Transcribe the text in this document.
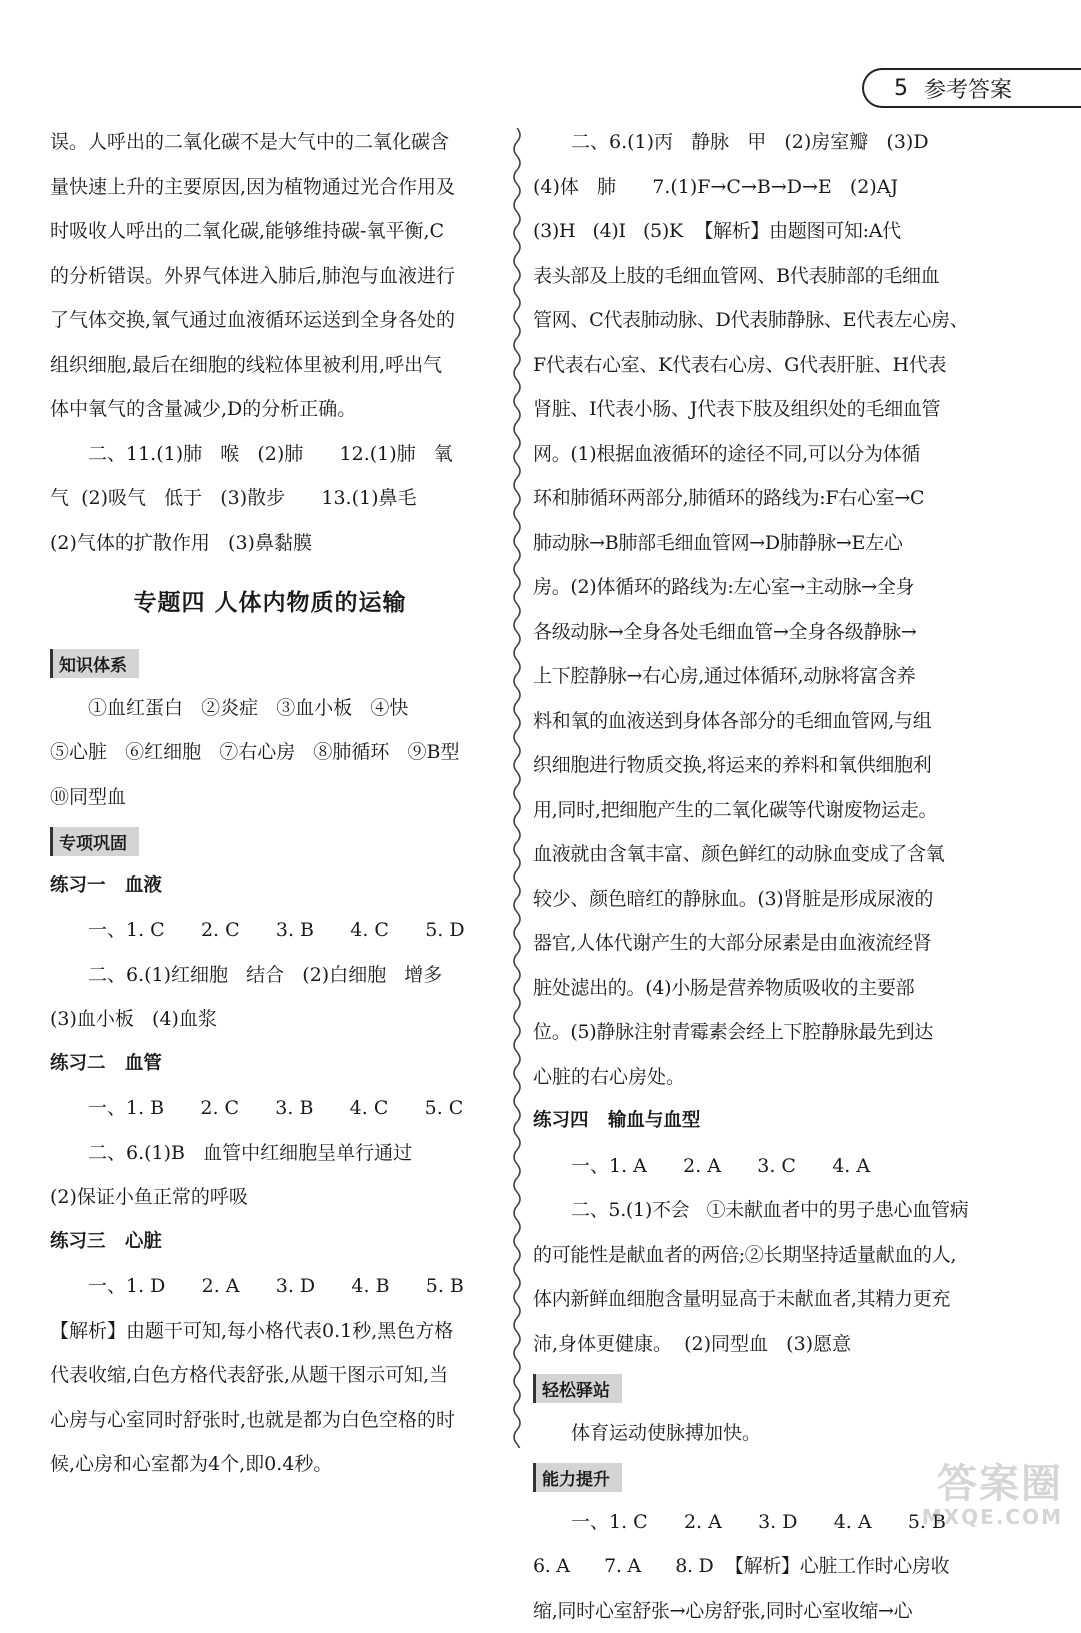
5 参考答案
误。人呼出的二氧化碳不是大气中的二氧化碳含
量快速上升的主要原因,因为植物通过光合作用及
时吸收人呼出的二氧化碳,能够维持碳-氧平衡,C
的分析错误。外界气体进入肺后,肺泡与血液进行
了气体交换,氧气通过血液循环运送到全身各处的
组织细胞,最后在细胞的线粒体里被利用,呼出气
体中氧气的含量减少,D的分析正确。
二、11.(1)肺   喉   (2)肺      12.(1)肺   氧
气  (2)吸气   低于   (3)散步      13.(1)鼻毛
(2)气体的扩散作用   (3)鼻黏膜
专题四 人体内物质的运输
知识体系
①血红蛋白   ②炎症   ③血小板   ④快
⑤心脏   ⑥红细胞   ⑦右心房   ⑧肺循环   ⑨B型
⑩同型血
专项巩固
练习一   血液
一、1. C      2. C      3. B      4. C      5. D
二、6.(1)红细胞   结合   (2)白细胞   增多
(3)血小板   (4)血浆
练习二   血管
一、1. B      2. C      3. B      4. C      5. C
二、6.(1)B   血管中红细胞呈单行通过
(2)保证小鱼正常的呼吸
练习三   心脏
一、1. D      2. A      3. D      4. B      5. B
【解析】由题干可知,每小格代表0.1秒,黑色方格
代表收缩,白色方格代表舒张,从题干图示可知,当
心房与心室同时舒张时,也就是都为白色空格的时
候,心房和心室都为4个,即0.4秒。
二、6.(1)丙   静脉   甲   (2)房室瓣   (3)D
(4)体   肺      7.(1)F→C→B→D→E   (2)AJ
(3)H   (4)I   (5)K  【解析】由题图可知:A代
表头部及上肢的毛细血管网、B代表肺部的毛细血
管网、C代表肺动脉、D代表肺静脉、E代表左心房、
F代表右心室、K代表右心房、G代表肝脏、H代表
肾脏、I代表小肠、J代表下肢及组织处的毛细血管
网。(1)根据血液循环的途径不同,可以分为体循
环和肺循环两部分,肺循环的路线为:F右心室→C
肺动脉→B肺部毛细血管网→D肺静脉→E左心
房。(2)体循环的路线为:左心室→主动脉→全身
各级动脉→全身各处毛细血管→全身各级静脉→
上下腔静脉→右心房,通过体循环,动脉将富含养
料和氧的血液送到身体各部分的毛细血管网,与组
织细胞进行物质交换,将运来的养料和氧供细胞利
用,同时,把细胞产生的二氧化碳等代谢废物运走。
血液就由含氧丰富、颜色鲜红的动脉血变成了含氧
较少、颜色暗红的静脉血。(3)肾脏是形成尿液的
器官,人体代谢产生的大部分尿素是由血液流经肾
脏处滤出的。(4)小肠是营养物质吸收的主要部
位。(5)静脉注射青霉素会经上下腔静脉最先到达
心脏的右心房处。
练习四   输血与血型
一、1. A      2. A      3. C      4. A
二、5.(1)不会   ①未献血者中的男子患心血管病
的可能性是献血者的两倍;②长期坚持适量献血的人,
体内新鲜血细胞含量明显高于未献血者,其精力更充
沛,身体更健康。  (2)同型血   (3)愿意
轻松驿站
体育运动使脉搏加快。
能力提升
一、1. C      2. A      3. D      4. A      5. B
6. A      7. A      8. D  【解析】心脏工作时心房收
缩,同时心室舒张→心房舒张,同时心室收缩→心
答案圈
MXQE.COM
